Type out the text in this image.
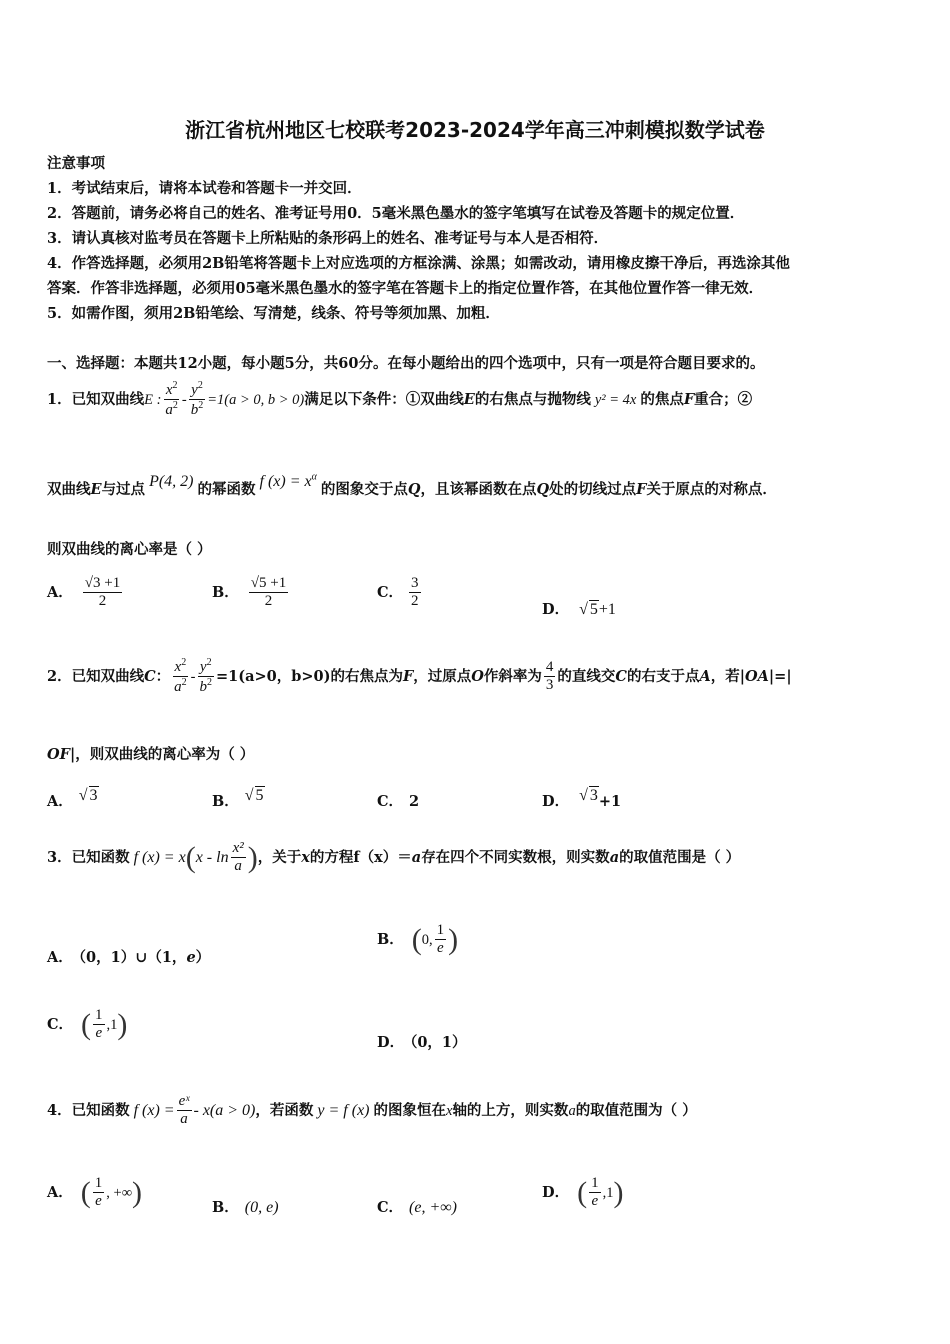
浙江省杭州地区七校联考2023-2024学年高三冲刺模拟数学试卷
注意事项
1．考试结束后，请将本试卷和答题卡一并交回．
2．答题前，请务必将自己的姓名、准考证号用0．5毫米黑色墨水的签字笔填写在试卷及答题卡的规定位置．
3．请认真核对监考员在答题卡上所粘贴的条形码上的姓名、准考证号与本人是否相符．
4．作答选择题，必须用2B铅笔将答题卡上对应选项的方框涂满、涂黑；如需改动，请用橡皮擦干净后，再选涂其他
答案．作答非选择题，必须用05毫米黑色墨水的签字笔在答题卡上的指定位置作答，在其他位置作答一律无效．
5．如需作图，须用2B铅笔绘、写清楚，线条、符号等须加黑、加粗．
一、选择题：本题共12小题，每小题5分，共60分。在每小题给出的四个选项中，只有一项是符合题目要求的。
1．已知双曲线E : $\frac{x^2}{a^2} - \frac{y^2}{b^2} =1(a > 0$, b > 0)满足以下条件：①双曲线E的右焦点与抛物线 y² = 4x 的焦点F重合；②
双曲线E与过点 P(4, 2) 的幂函数 f $(x) = x^\alpha$的图象交于点Q，且该幂函数在点Q处的切线过点F关于原点的对称点．
则双曲线的离心率是（ ）
A． $\frac{√3 +1}{2}$	B． $\frac{√5 +1}{2}$	C． $\frac{3}{2}$	D． √ 5+1
2．已知双曲线C： $\frac{x^2}{a^2} - \frac{y^2}{b^2} =1(a>0$，b>0)的右焦点为F，过原点O作斜率为 $\frac{4}{3}$ 的直线交C的右支于点A，若|OA|=|
OF|，则双曲线的离心率为（ ）
A． √ 3	B． √ 5	C． 2	D． √ 3+1
3．已知函数 f $(x) = x(x - \ln \frac{\text{x²}}{a}$ )，关于x的方程f（x）＝a存在四个不同实数根，则实数a的取值范围是（ ）
A． （0，1）∪（1，e）
B． (0, $\frac{1}{e}$ )
C． ( $\frac{1}{e} ,1$)
D． （0，1）
4．已知函数 f $(x) = \frac{\text{eˣ}}{a} - x(a > 0)$，若函数 y = f (x) 的图象恒在x轴的上方，则实数a的取值范围为（ ）
A． ( $\frac{1}{e}$ , +∞)	B． (0, e)	C． (e, +∞)
D． ( $\frac{1}{e} ,1$)
